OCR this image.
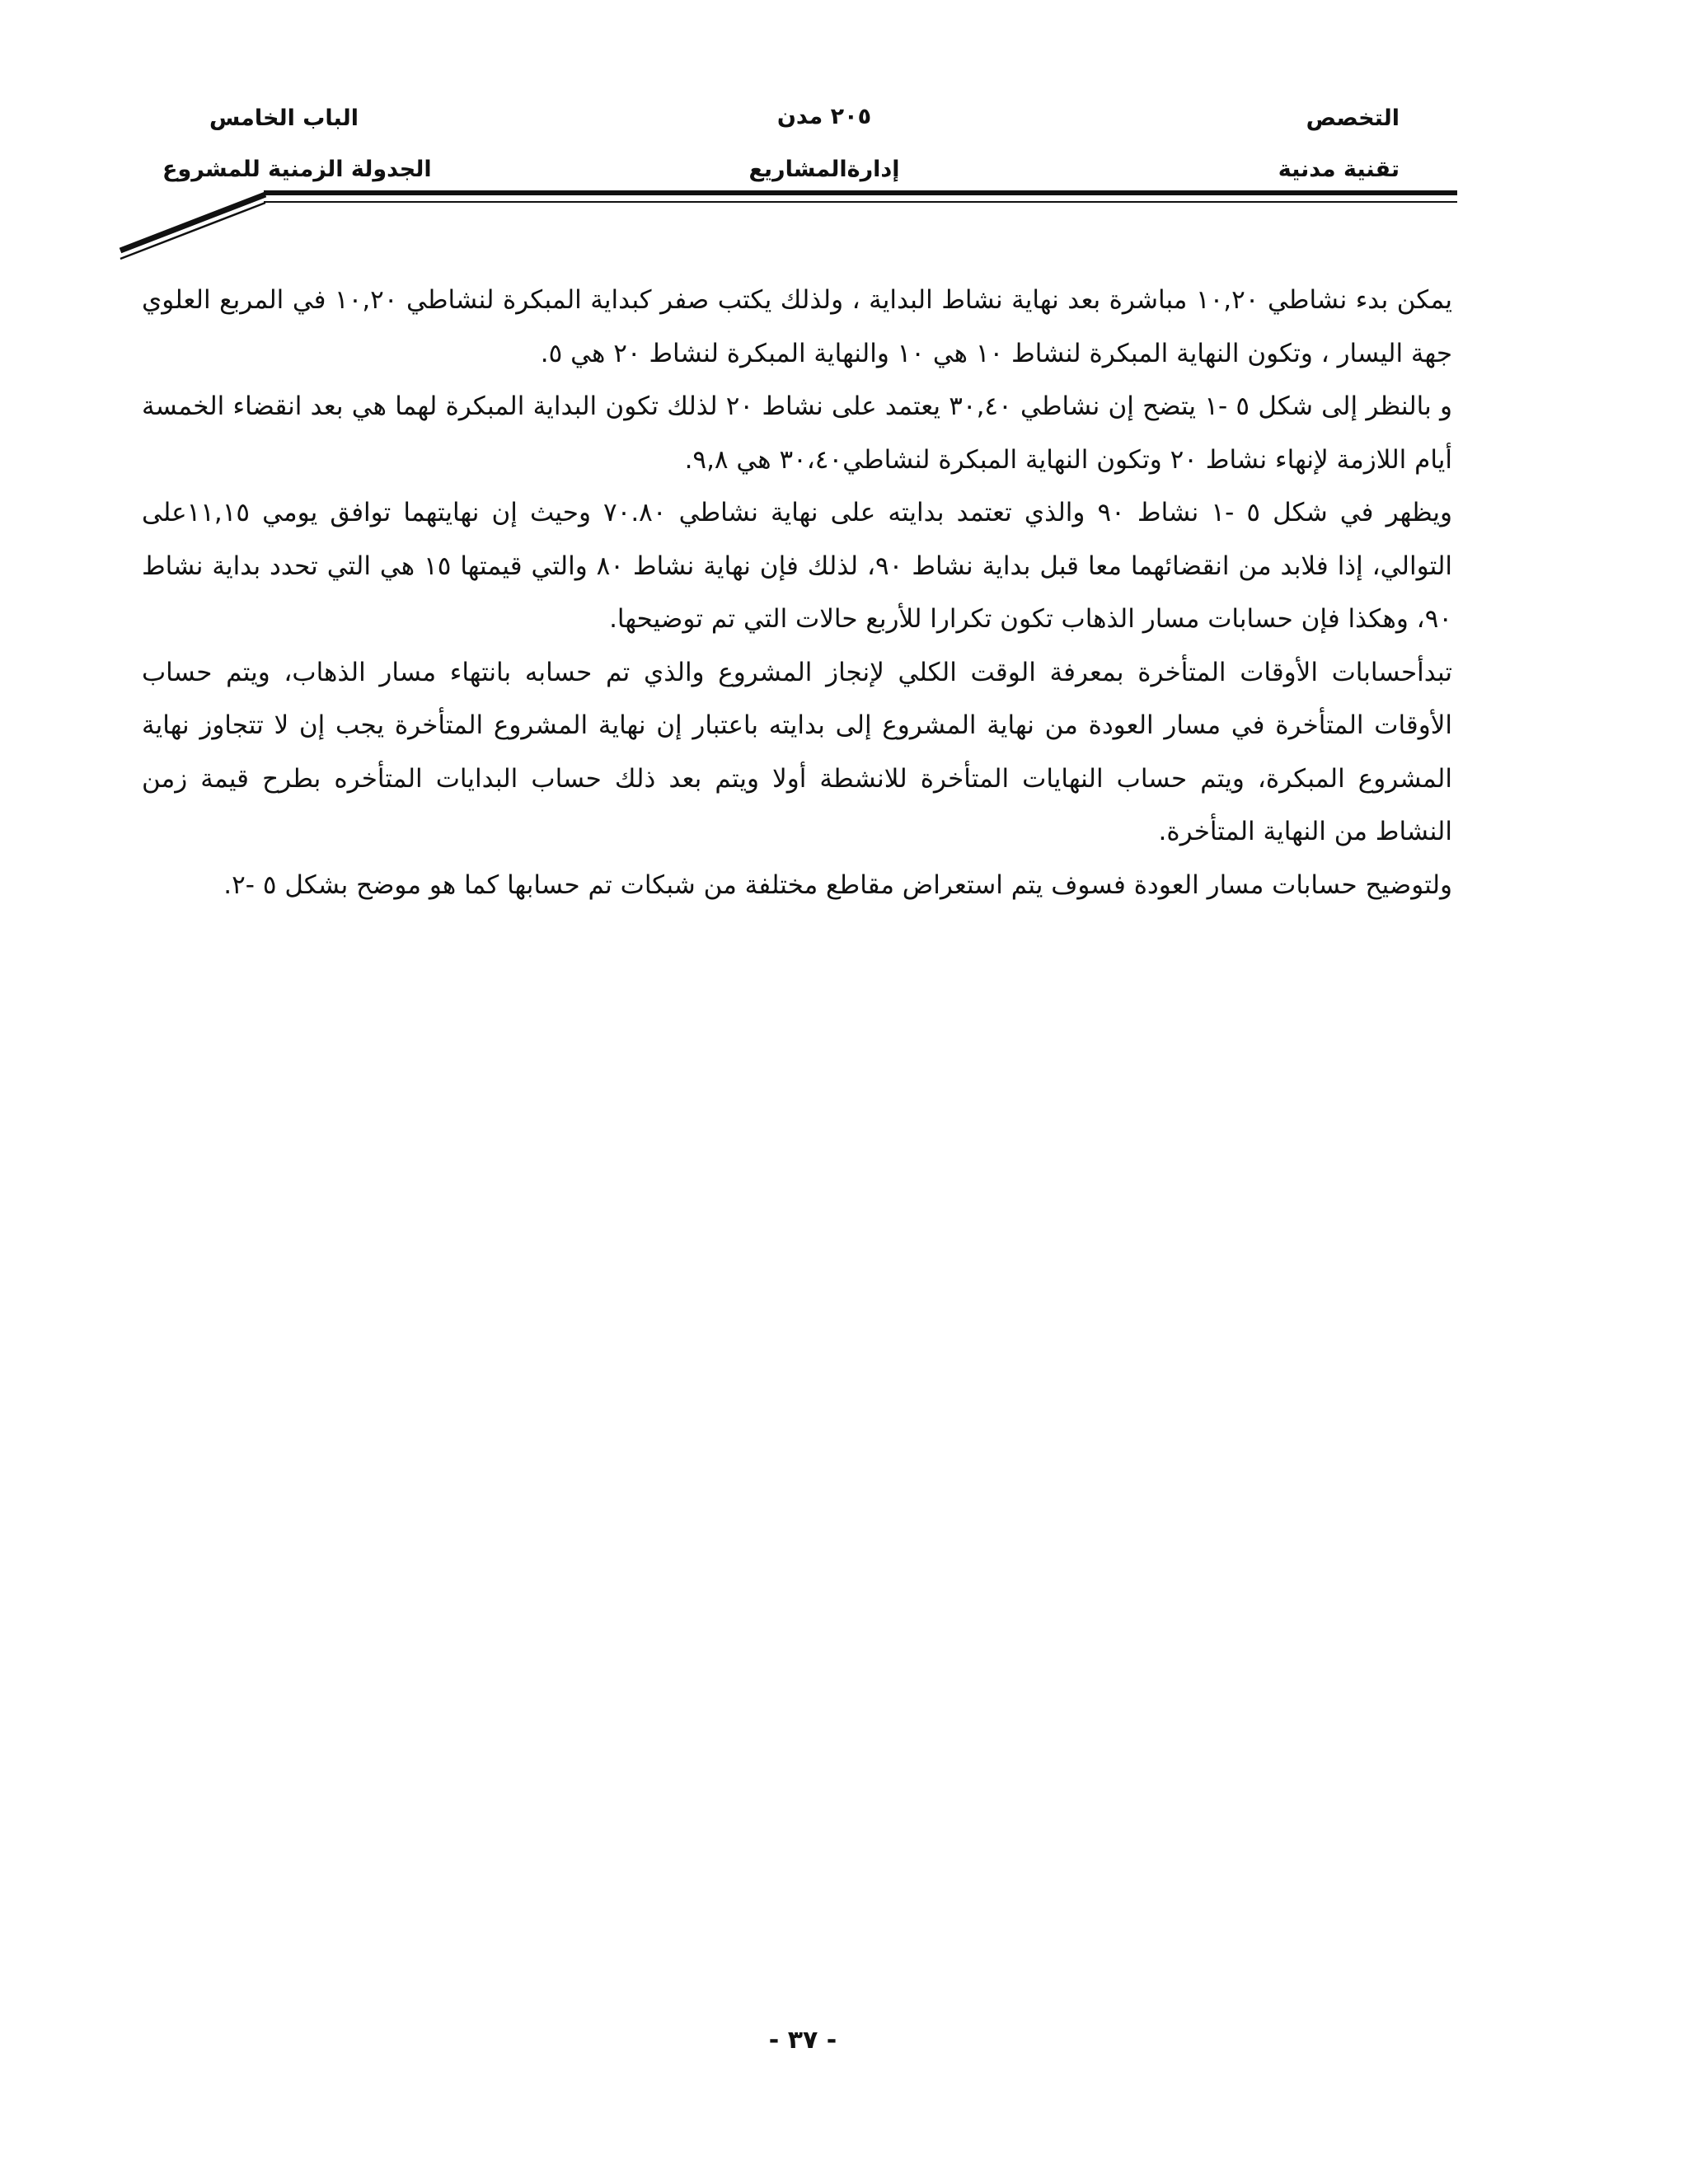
التخصص
تقنية مدنية
٢٠٥ مدن
إدارةالمشاريع
الباب الخامس
الجدولة الزمنية للمشروع

يمكن بدء نشاطي ١٠,٢٠ مباشرة بعد نهاية نشاط البداية ، ولذلك يكتب صفر كبداية المبكرة لنشاطي ١٠,٢٠ في المربع العلوي جهة اليسار ، وتكون النهاية المبكرة لنشاط ١٠ هي ١٠ والنهاية المبكرة لنشاط ٢٠ هي ٥.

و بالنظر إلى شكل ٥ -١ يتضح إن نشاطي ٣٠,٤٠ يعتمد على نشاط ٢٠ لذلك تكون البداية المبكرة لهما هي بعد انقضاء الخمسة أيام اللازمة لإنهاء نشاط ٢٠ وتكون النهاية المبكرة لنشاطي٣٠،٤٠ هي ٩,٨.

ويظهر في شكل ٥ -١ نشاط ٩٠ والذي تعتمد بدايته على نهاية نشاطي ٧٠.٨٠ وحيث إن نهايتهما توافق يومي ١١,١٥على التوالي، إذا فلابد من انقضائهما معا قبل بداية نشاط ٩٠، لذلك فإن نهاية نشاط ٨٠ والتي قيمتها ١٥ هي التي تحدد بداية نشاط ٩٠، وهكذا فإن حسابات مسار الذهاب تكون تكرارا للأربع حالات التي تم توضيحها.

تبدأحسابات الأوقات المتأخرة بمعرفة الوقت الكلي لإنجاز المشروع والذي تم حسابه بانتهاء مسار الذهاب، ويتم حساب الأوقات المتأخرة في مسار العودة من نهاية المشروع إلى بدايته باعتبار إن نهاية المشروع المتأخرة يجب إن لا تتجاوز نهاية المشروع المبكرة، ويتم حساب النهايات المتأخرة للانشطة أولا ويتم بعد ذلك حساب البدايات المتأخره بطرح قيمة زمن النشاط من النهاية المتأخرة.

ولتوضيح حسابات مسار العودة فسوف يتم استعراض مقاطع مختلفة من شبكات تم حسابها كما هو موضح بشكل ٥ -٢.

- ٣٧ -
